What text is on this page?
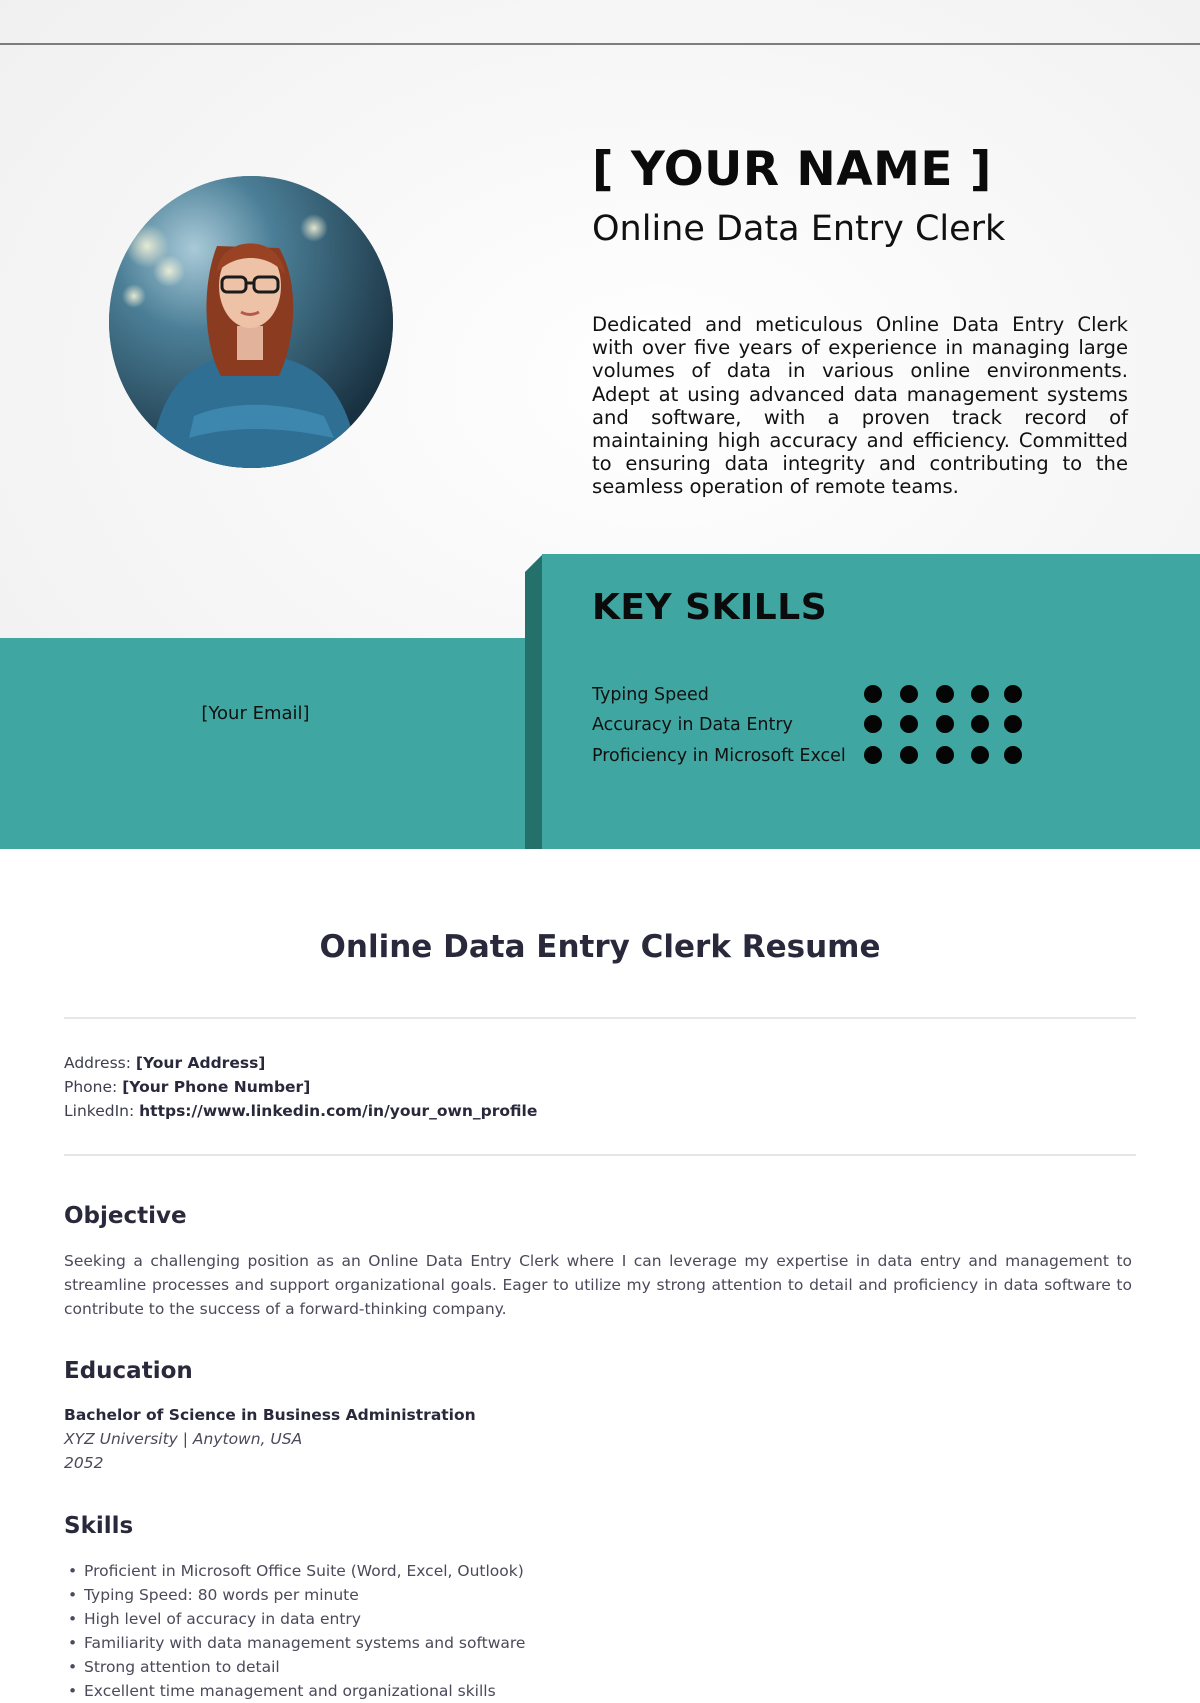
[ YOUR NAME ]
Online Data Entry Clerk

Dedicated and meticulous Online Data Entry Clerk with over five years of experience in managing large volumes of data in various online environments. Adept at using advanced data management systems and software, with a proven track record of maintaining high accuracy and efficiency. Committed to ensuring data integrity and contributing to the seamless operation of remote teams.

[Your Email]
KEY SKILLS
Typing Speed
Accuracy in Data Entry
Proficiency in Microsoft Excel
Online Data Entry Clerk Resume
Address: [Your Address]
Phone: [Your Phone Number]
LinkedIn: https://www.linkedin.com/in/your_own_profile
Objective

Seeking a challenging position as an Online Data Entry Clerk where I can leverage my expertise in data entry and management to streamline processes and support organizational goals. Eager to utilize my strong attention to detail and proficiency in data software to contribute to the success of a forward-thinking company.

Education
Bachelor of Science in Business Administration
XYZ University | Anytown, USA
2052
Skills
• Proficient in Microsoft Office Suite (Word, Excel, Outlook)
• Typing Speed: 80 words per minute
• High level of accuracy in data entry
• Familiarity with data management systems and software
• Strong attention to detail
• Excellent time management and organizational skills
